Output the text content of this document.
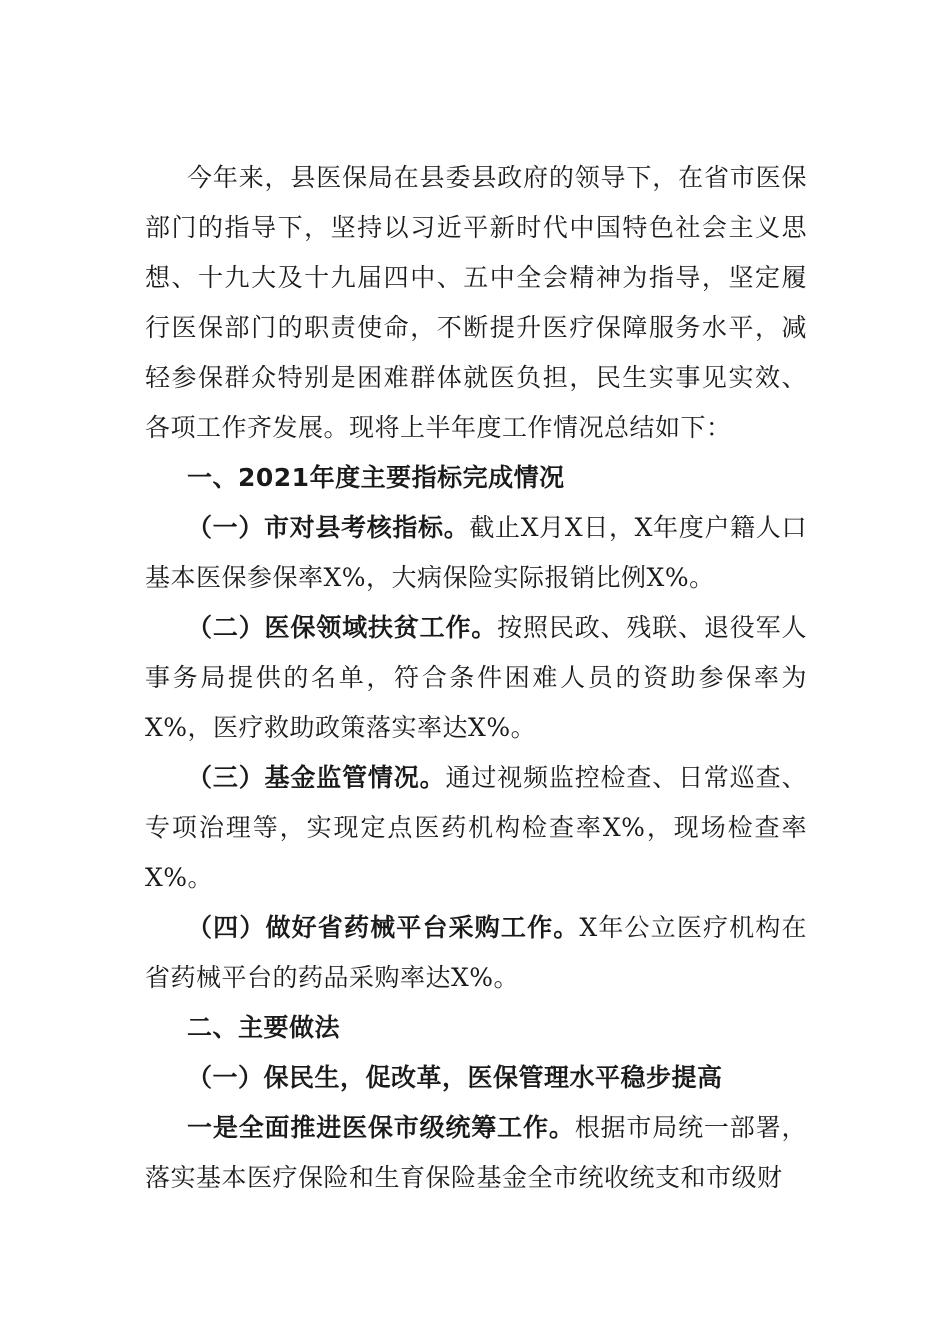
今年来，县医保局在县委县政府的领导下，在省市医保部门的指导下，坚持以习近平新时代中国特色社会主义思想、十九大及十九届四中、五中全会精神为指导，坚定履行医保部门的职责使命，不断提升医疗保障服务水平，减轻参保群众特别是困难群体就医负担，民生实事见实效、各项工作齐发展。现将上半年度工作情况总结如下：

一、2021年度主要指标完成情况

（一）市对县考核指标。截止X月X日，X年度户籍人口基本医保参保率X%，大病保险实际报销比例X%。

（二）医保领域扶贫工作。按照民政、残联、退役军人事务局提供的名单，符合条件困难人员的资助参保率为X%，医疗救助政策落实率达X%。

（三）基金监管情况。通过视频监控检查、日常巡查、专项治理等，实现定点医药机构检查率X%，现场检查率X%。

（四）做好省药械平台采购工作。X年公立医疗机构在省药械平台的药品采购率达X%。

二、主要做法

（一）保民生，促改革，医保管理水平稳步提高

一是全面推进医保市级统筹工作。根据市局统一部署，落实基本医疗保险和生育保险基金全市统收统支和市级财
